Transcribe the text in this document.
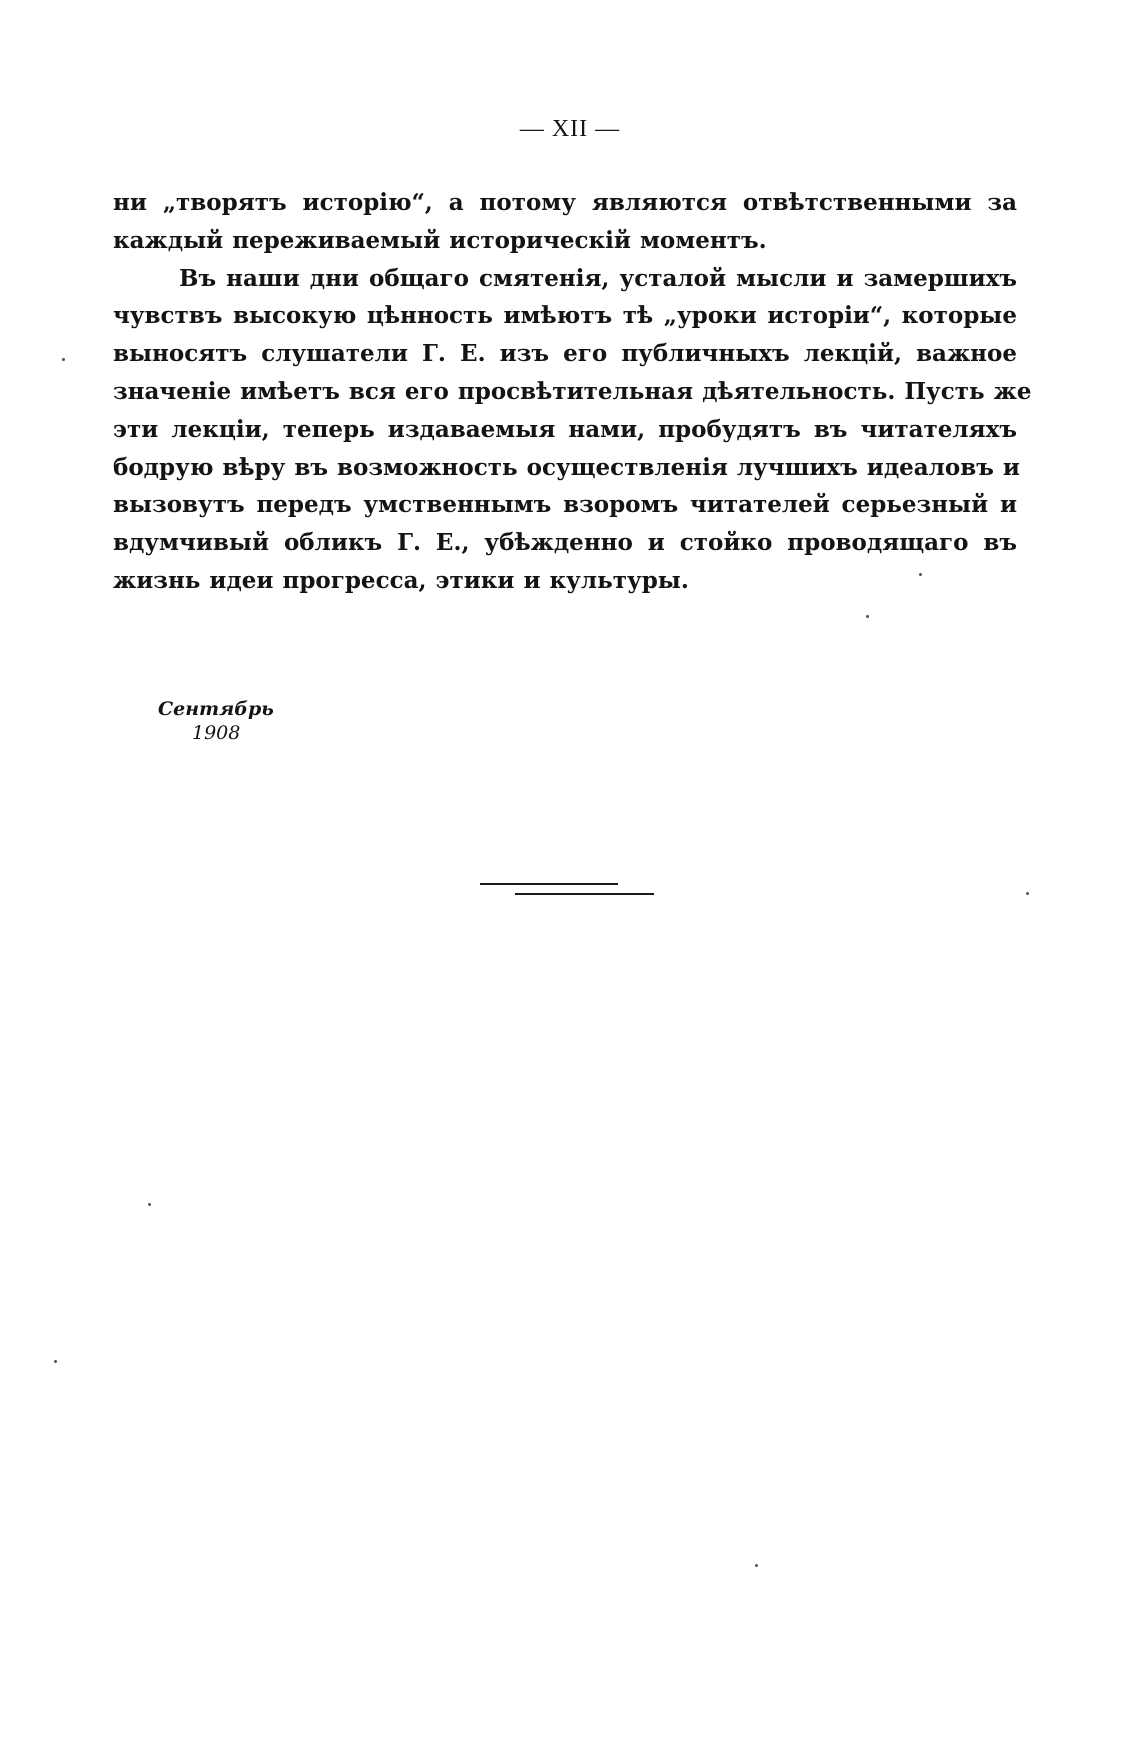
— XII —
ни „творятъ исторію“, а потому являются отвѣтственными за
каждый переживаемый историческій моментъ.
Въ наши дни общаго смятенія, усталой мысли и замершихъ
чувствъ высокую цѣнность имѣютъ тѣ „уроки исторіи“, которые
выносятъ слушатели Г. Е. изъ его публичныхъ лекцій, важное
значеніе имѣетъ вся его просвѣтительная дѣятельность. Пусть же
эти лекціи, теперь издаваемыя нами, пробудятъ въ читателяхъ
бодрую вѣру въ возможность осуществленія лучшихъ идеаловъ и
вызовутъ передъ умственнымъ взоромъ читателей серьезный и
вдумчивый обликъ Г. Е., убѣжденно и стойко проводящаго въ
жизнь идеи прогресса, этики и культуры.
Сентябрь
1908
